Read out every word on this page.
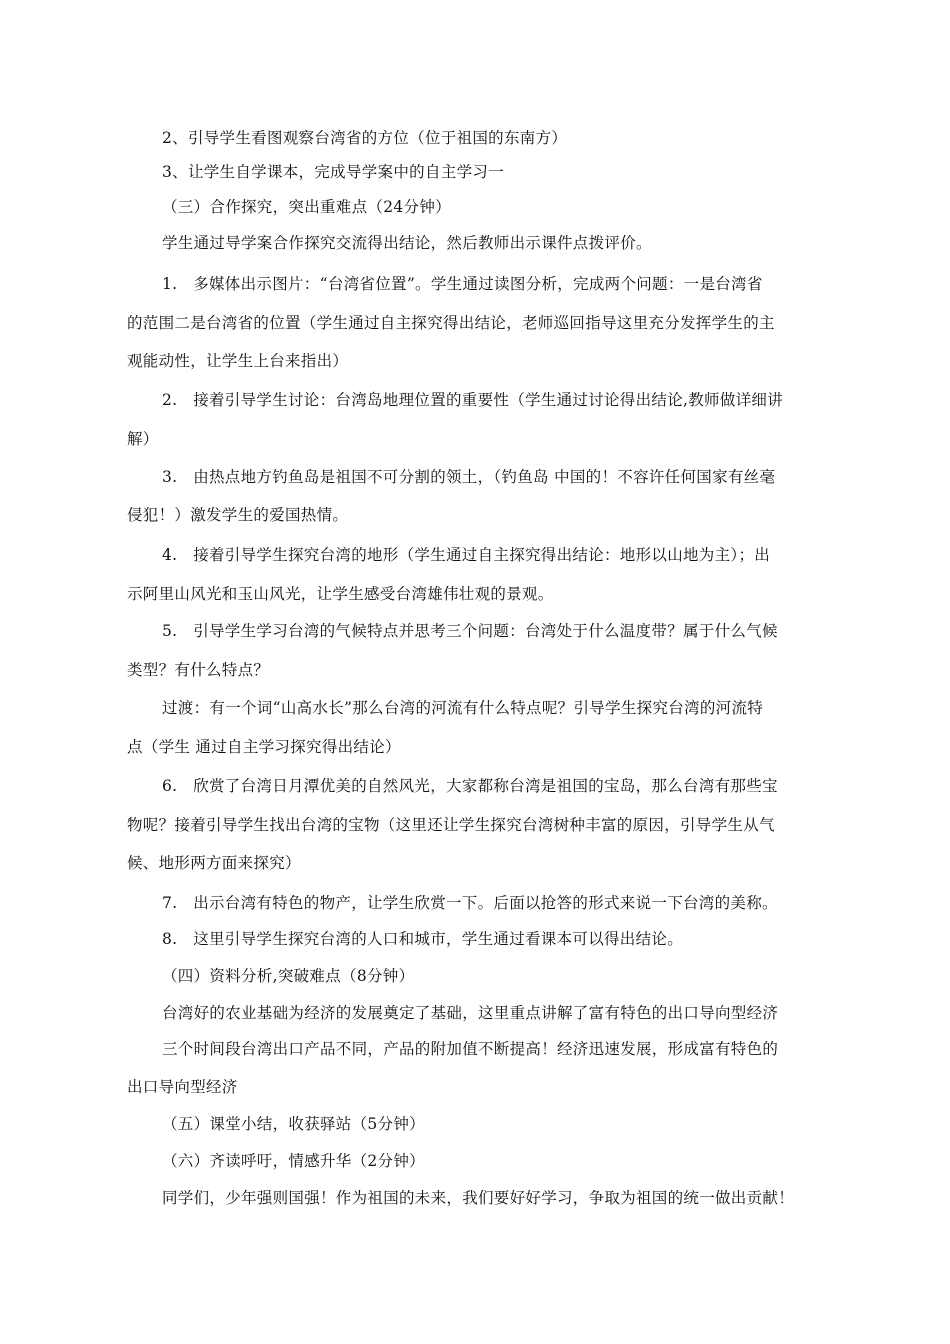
2、引导学生看图观察台湾省的方位（位于祖国的东南方）
3、让学生自学课本，完成导学案中的自主学习一
（三）合作探究，突出重难点（24分钟）
学生通过导学案合作探究交流得出结论，然后教师出示课件点拨评价。
1.　多媒体出示图片：“台湾省位置”。学生通过读图分析，完成两个问题：一是台湾省
的范围二是台湾省的位置（学生通过自主探究得出结论，老师巡回指导这里充分发挥学生的主
观能动性，让学生上台来指出）
2.　接着引导学生讨论：台湾岛地理位置的重要性（学生通过讨论得出结论,教师做详细讲
解）
3.　由热点地方钓鱼岛是祖国不可分割的领土，（钓鱼岛 中国的！不容许任何国家有丝毫
侵犯！）激发学生的爱国热情。
4.　接着引导学生探究台湾的地形（学生通过自主探究得出结论：地形以山地为主）；出
示阿里山风光和玉山风光，让学生感受台湾雄伟壮观的景观。
5.　引导学生学习台湾的气候特点并思考三个问题：台湾处于什么温度带？属于什么气候
类型？有什么特点？
过渡：有一个词“山高水长”那么台湾的河流有什么特点呢？引导学生探究台湾的河流特
点（学生 通过自主学习探究得出结论）
6.　欣赏了台湾日月潭优美的自然风光，大家都称台湾是祖国的宝岛，那么台湾有那些宝
物呢？接着引导学生找出台湾的宝物（这里还让学生探究台湾树种丰富的原因，引导学生从气
候、地形两方面来探究）
7.　出示台湾有特色的物产，让学生欣赏一下。后面以抢答的形式来说一下台湾的美称。
8.　这里引导学生探究台湾的人口和城市，学生通过看课本可以得出结论。
（四）资料分析,突破难点（8分钟）
台湾好的农业基础为经济的发展奠定了基础，这里重点讲解了富有特色的出口导向型经济
三个时间段台湾出口产品不同，产品的附加值不断提高！经济迅速发展，形成富有特色的
出口导向型经济
（五）课堂小结，收获驿站（5分钟）
（六）齐读呼吁，情感升华（2分钟）
同学们，少年强则国强！作为祖国的未来，我们要好好学习，争取为祖国的统一做出贡献！
